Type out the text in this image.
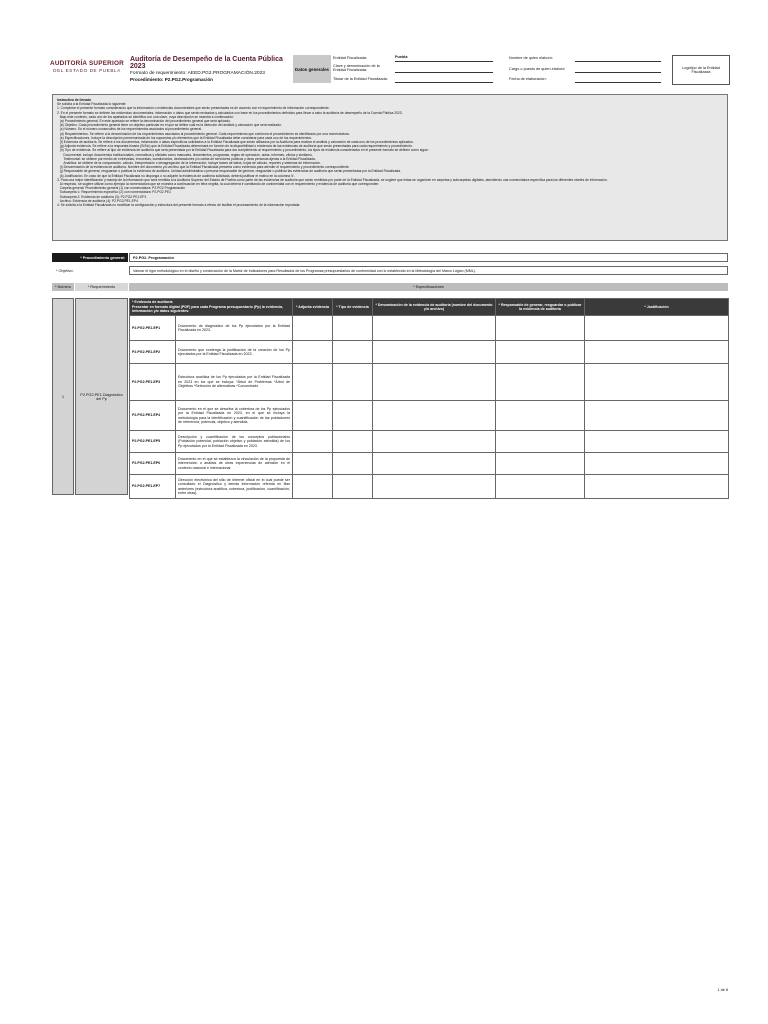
AUDITORÍA SUPERIOR
DEL ESTADO DE PUEBLA
Auditoría de Desempeño de la Cuenta Pública 2023
Formato de requerimiento: AEED.PG2.PROGRAMACIÓN.2023
Procedimiento: P2.PG2.Programación
Datos generales
Entidad Fiscalizada:	Puebla
Clave y denominación de la Entidad Fiscalizada:
Titular de la Entidad Fiscalizada:
Nombre de quien elaboró:
Cargo o puesto de quien elaboró:
Fecha de elaboración:
Logotipo de la Entidad Fiscalizada

Instructivo de llenado

Se solicita a la Entidad Fiscalizada lo siguiente:

1. Completar el presente formato considerando que la información o evidencias documentales que serán presentadas es de acuerdo con el requerimiento de información correspondiente.

2. En el presente formato se definen las evidencias documentales, información o datos que serán revisados y calculados con base en los procedimientos definidos para llevar a cabo la auditoría de desempeño de la Cuenta Pública 2023.

Bajo este contexto, cada uno de los apartados se identifica con una clave, cuya descripción se muestra a continuación:

(a) Procedimiento general. En este apartado se refiere la denominación del procedimiento general que será aplicado.

(b) Objetivo. Cada procedimiento general tiene un objetivo particular en el que se define cuál es la intención del análisis y valoración que será realizado.

(c) Número. Es el número consecutivo de los requerimientos asociados al procedimiento general.

(d) Requerimientos. Se refiere a la denominación de los requerimientos asociados al procedimiento general. Cada requerimiento que conforma el procedimiento es identificado por una nomenclatura.

(e) Especificaciones. Incluye la descripción pormenorizada de los supuestos y/o elementos que la Entidad Fiscalizada debe considerar para cada uno de los requerimientos.

(f) Evidencia de auditoría. Se refiere a los documentos, información o datos específicos solicitados a la Entidad Fiscalizada que serán utilizados por la Auditoría para realizar el análisis y valoración de cada uno de los procedimientos aplicados.

(g) Adjunta evidencia. Se refiere a la respuesta binaria (Sí/No) que la Entidad Fiscalizada determinará en función de la disponibilidad o existencia de las evidencias de auditoría que serán presentadas para cada requerimiento y procedimiento.

(h) Tipo de evidencia. Se refiere al tipo de evidencia de auditoría que será presentada por la Entidad Fiscalizada para dar cumplimiento al requerimiento y procedimiento; los tipos de evidencia considerados en el presente formato se definen como sigue:

Documental: incluye documentos institucionales, normativos y oficiales como manuales, lineamientos, programas, reglas de operación, actas, informes, oficios y similares.

Testimonial: se obtiene por medio de entrevistas, encuestas, cuestionarios, declaraciones y/o cartas de servidores públicos y otras personas ajenas a la Entidad Fiscalizada.

Analítica: se obtiene de la comparación, cálculo, interpretación o desagregación de la información; incluye bases de datos, hojas de cálculo, reportes y sistemas de información.

(i) Denominación de la evidencia de auditoría. Nombre del documento y/o archivo que la Entidad Fiscalizada presenta como evidencia para atender el requerimiento y procedimiento correspondiente.

(j) Responsable de generar, resguardar o publicar la evidencia de auditoría. Unidad administrativa o persona responsable de generar, resguardar o publicar las evidencias de auditoría que serán presentadas por la Entidad Fiscalizada.

(k) Justificación. En caso de que la Entidad Fiscalizada no disponga o no adjunte la evidencia de auditoría solicitada, deberá justificar el motivo en la columna 'k'.

3. Para una mejor identificación y manejo de la información que será remitida a la Auditoría Superior del Estado de Puebla como parte de las evidencias de auditoría que serán remitidas por parte de la Entidad Fiscalizada, se sugiere que éstas se organicen en carpetas y subcarpetas digitales, atendiendo una nomenclatura específica para los diferentes niveles de información.

Al respecto, se sugiere utilizar como ejemplo la nomenclatura que se muestra a continuación en letra negrita, la cual deberá ir cambiando de conformidad con el requerimiento y evidencia de auditoría que corresponden:

Carpeta general: Procedimiento general (1) con nomenclatura: P2.PG2.Programación

Subcarpeta 1: Requerimiento específico (2) con nomenclatura: P2.PG2.PE1

Subcarpeta 2: Evidencia de auditoría (3): P2.PG2.PE1.EP1

Archivo: Evidencia de auditoría (4): P2.PG2.PE1.EP4

4. Se solicita a la Entidad Fiscalizada no modificar la configuración y estructura del presente formato a efecto de facilitar el procesamiento de la información reportada.

* Procedimiento general:	P2.PG2. Programación
* Objetivo:	Valorar el rigor metodológico en el diseño y construcción de la Matriz de Indicadores para Resultados de los Programas presupuestarios de conformidad con lo establecido en la Metodología del Marco Lógico (MML).
* Número	* Requerimiento	* Especificaciones
1	P2.PG2.PE1 Diagnóstico del Pp
* Evidencia de auditoría
Presentar en formato digital (PDF) para cada Programa presupuestario (Pp) la evidencia, información y/o datos siguientes:		* Adjunta evidencia	* Tipo de evidencia	* Denominación de la evidencia de auditoría (nombre del documento y/o archivo)	* Responsable de generar, resguardar o publicar la evidencia de auditoría	* Justificación
P2.PG2.PE1.EP1	Documento de diagnóstico de los Pp ejecutados por la Entidad Fiscalizada en 2023.					
P2.PG2.PE1.EP2	Documento que contenga la justificación de la creación de los Pp ejecutados por la Entidad Fiscalizada en 2023.					
P2.PG2.PE1.EP3	Estructura analítica de los Pp ejecutados por la Entidad Fiscalizada en 2023 en los que se incluya: *Árbol de Problemas *Árbol de Objetivos *Selección de alternativas *Concentrado					
P2.PG2.PE1.EP4	Documento en el que se describa la cobertura de los Pp ejecutados por la Entidad Fiscalizada en 2023, en el que se incluya la metodología para la identificación y cuantificación de las poblaciones de referencia, potencial, objetivo y atendida.					
P2.PG2.PE1.EP5	Descripción y cuantificación de los conceptos poblacionales (Población potencial, población objetivo y población atendida) de los Pp ejecutados por la Entidad Fiscalizada en 2023.					
P2.PG2.PE1.EP6	Documento en el que se establezca la vinculación de la propuesta de intervención o análisis de otras experiencias de atención en el contexto nacional e internacional.					
P2.PG2.PE1.EP7	Dirección electrónica del sitio de Internet oficial en el cual puede ser consultado el Diagnóstico y demás información referida en filas anteriores (estructura analítica, cobertura, justificación, cuantificación, entre otras).					
1 de 8
